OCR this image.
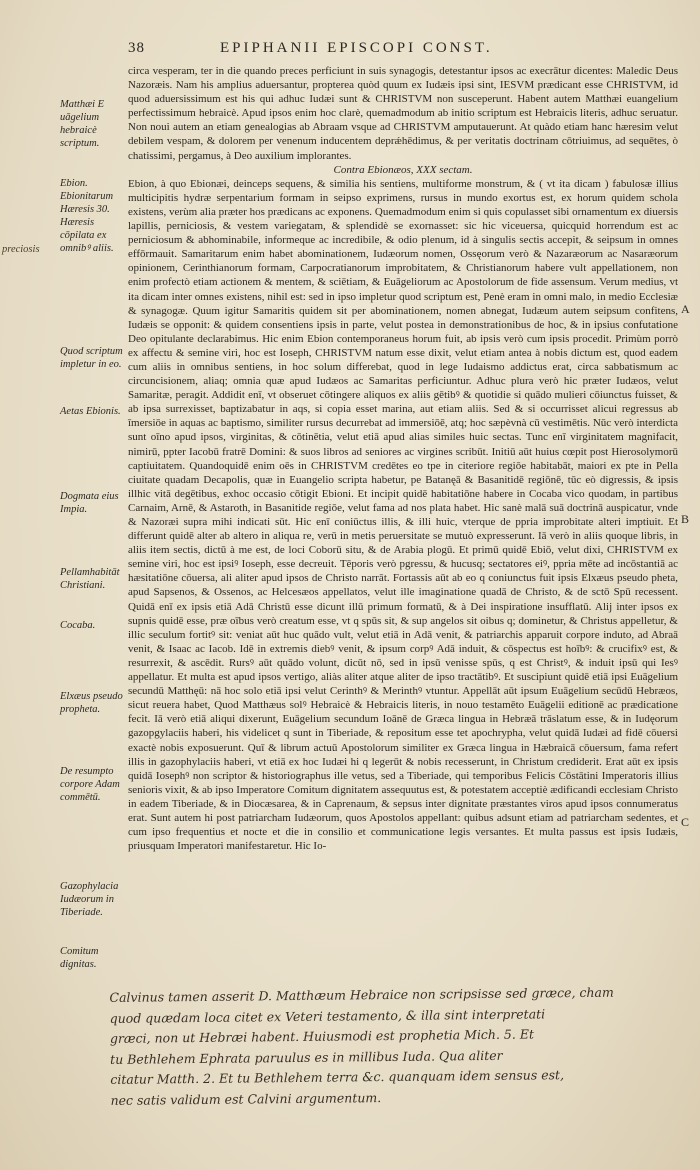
38	EPIPHANII EPISCOPI CONST.
preciosis
Matthæi E uāgelium hebraicè scriptum.
Ebion. Ebionitarum Hæresis 30. Hæresis cōpilata ex omnibꝰ aliis.
Quod scriptum impletur in eo.
Aetas Ebionis.
Dogmata eius Impia.
Pellamhabitāt Christiani.
Cocaba.
Elxæus pseudo propheta.
De resumpto corpore Adam commētū.
Gazophylacia Iudæorum in Tiberiade.
Comitum dignitas.

circa vesperam, ter in die quando preces perficiunt in suis synagogis, detestantur ipsos ac execrātur dicentes: Maledic Deus Nazoræis. Nam his amplius aduersantur, propterea quòd quum ex Iudæis ipsi sint, IESVM prædicant esse CHRISTVM, id quod aduersissimum est his qui adhuc Iudæi sunt & CHRISTVM non susceperunt. Habent autem Matthæi euangelium perfectissimum hebraicè. Apud ipsos enim hoc clarè, quemadmodum ab initio scriptum est Hebraicis literis, adhuc seruatur. Non noui autem an etiam genealogias ab Abraam vsque ad CHRISTVM amputauerunt. At quàdo etiam hanc hæresim velut debilem vespam, & dolorem per venenum inducentem deprǽhēdimus, & per veritatis doctrinam cōtriuimus, ad sequētes, ò chatissimi, pergamus, à Deo auxilium implorantes.

Contra Ebionæos, XXX sectam.

Ebion, à quo Ebionæi, deinceps sequens, & similia his sentiens, multiforme monstrum, & ( vt ita dicam ) fabulosæ illius multicipitis hydræ serpentarium formam in seipso exprimens, rursus in mundo exortus est, ex horum quidem schola existens, verùm alia præter hos prædicans ac exponens. Quemadmodum enim si quis copulasset sibi ornamentum ex diuersis lapillis, perniciosis, & vestem variegatam, & splendidè se exornasset: sic hic viceuersa, quicquid horrendum est ac perniciosum & abhominabile, informeque ac incredibile, & odio plenum, id à singulis sectis accepit, & seipsum in omnes effōrmauit. Samaritarum enim habet abominationem, Iudæorum nomen, Ossęorum verò & Nazaræorum ac Nasaræorum opinionem, Cerinthianorum formam, Carpocratianorum improbitatem, & Christianorum habere vult appellationem, non enim profectò etiam actionem & mentem, & sciētiam, & Euāgeliorum ac Apostolorum de fide assensum. Verum medius, vt ita dicam inter omnes existens, nihil est: sed in ipso impletur quod scriptum est, Penè eram in omni malo, in medio Ecclesiæ & synagogæ. Quum igitur Samaritis quidem sit per abominationem, nomen abnegat, Iudæum autem seipsum confitens, Iudæis se opponit: & quidem consentiens ipsis in parte, velut postea in demonstrationibus de hoc, & in ipsius confutatione Deo opitulante declarabimus. Hic enim Ebion contemporaneus horum fuit, ab ipsis verò cum ipsis procedit. Primùm porrò ex affectu & semine viri, hoc est Ioseph, CHRISTVM natum esse dixit, velut etiam antea à nobis dictum est, quod eadem cum aliis in omnibus sentiens, in hoc solum differebat, quod in lege Iudaismo addictus erat, circa sabbatismum ac circuncisionem, aliaq; omnia quæ apud Iudæos ac Samaritas perficiuntur. Adhuc plura verò hic præter Iudæos, velut Samaritæ, peragit. Addidit enī, vt obseruet cōtingere aliquos ex aliis gētibꝰ & quotidie si quādo mulieri cōiunctus fuisset, & ab ipsa surrexisset, baptizabatur in aqs, si copia esset marina, aut etiam aliis. Sed & si occurrisset alicui regressus ab īmersiōe in aquas ac baptismo, similiter rursus decurrebat ad immersiōē, atq; hoc sæpèvnà cū vestimētis. Nūc verò interdicta sunt oīno apud ipsos, virginitas, & cōtinētia, velut etiā apud alias similes huic sectas. Tunc enī virginitatem magnifacit, nimirū, ppter Iacobū fratrē Domini: & suos libros ad seniores ac virgines scribūt. Initiū aūt huius cœpit post Hierosolymorū captiuitatem. Quandoquidē enim oēs in CHRISTVM credētes eo tpe in citeriore regiōe habitabāt, maiori ex pte in Pella ciuitate quadam Decapolis, quæ in Euangelio scripta habetur, pe Batanęā & Basanitidē regiōnē, tūc eò digressis, & ipsis illhic vitā degētibus, exhoc occasio cōtigit Ebioni. Et incipit quidē habitatiōne habere in Cocaba vico quodam, in partibus Carnaim, Arnē, & Astaroth, in Basanitide regiōe, velut fama ad nos plata habet. Hic sanè malā suā doctrinā auspicatur, vnde & Nazoræi supra mihi indicati sūt. Hic enī coniūctus illis, & illi huic, vterque de ppria improbitate alteri imptiuit. Et differunt quidē alter ab altero in aliqua re, verū in metis peruersitate se mutuò expresserunt. Iā verò in aliis quoque libris, in aliis item sectis, dictū à me est, de loci Coborū situ, & de Arabia plogū. Et primū quidē Ebiō, velut dixi, CHRISTVM ex semine viri, hoc est ipsiꝰ Ioseph, esse decreuit. Tēporis verò pgressu, & hucusq; sectatores eiꝰ, ppria mēte ad incōstantiā ac hæsitatiōne cōuersa, ali aliter apud ipsos de Christo narrāt. Fortassis aūt ab eo q coniunctus fuit ipsis Elxæus pseudo pheta, apud Sapsenos, & Ossenos, ac Helcesæos appellatos, velut ille imaginatione quadā de Christo, & de sctō Spū recessent. Quidā enī ex ipsis etiā Adā Christū esse dicunt illū primum formatū, & à Dei inspiratione insufflatū. Alij inter ipsos ex supnis quidē esse, præ oībus verò creatum esse, vt q spūs sit, & sup angelos sit oibus q; dominetur, & Christus appelletur, & illic seculum fortitꝰ sit: veniat aūt huc quādo vult, velut etiā in Adā venit, & patriarchis apparuit corpore induto, ad Abraā venit, & Isaac ac Iacob. Idē in extremis diebꝰ venit, & ipsum corpꝰ Adā induit, & cōspectus est hoībꝰ: & crucifixꝰ est, & resurrexit, & ascēdit. Rursꝰ aūt quādo volunt, dicūt nō, sed in ipsū venisse spūs, q est Christꝰ, & induit ipsū qui Iesꝰ appellatur. Et multa est apud ipsos vertigo, aliàs aliter atque aliter de ipso tractātibꝰ. Et suscipiunt quidē etiā ipsi Euāgelium secundū Matthęū: nā hoc solo etiā ipsi velut Cerinthꝰ & Merinthꝰ vtuntur. Appellāt aūt ipsum Euāgelium secūdū Hebræos, sicut reuera habet, Quod Matthæus solꝰ Hebraicè & Hebraicis literis, in nouo testamēto Euāgelii editionē ac prædicatione fecit. Iā verò etiā aliqui dixerunt, Euāgelium secundum Ioānē de Græca lingua in Hebræā trāslatum esse, & in Iudęorum gazopgylaciis haberi, his videlicet q sunt in Tiberiade, & repositum esse tet apochrypha, velut quidā Iudæi ad fidē cōuersi exactè nobis exposuerunt. Quī & librum actuū Apostolorum similiter ex Græca lingua in Hæbraicā cōuersum, fama refert illis in gazophylaciis haberi, vt etiā ex hoc Iudæi hi q legerūt & nobis recesserunt, in Christum crediderit. Erat aūt ex ipsis quidā Iosephꝰ non scriptor & historiographus ille vetus, sed a Tiberiade, qui temporibus Felicis Cōstātini Imperatoris illius senioris vixit, & ab ipso Imperatore Comitum dignitatem assequutus est, & potestatem acceptiè ædificandi ecclesiam Christo in eadem Tiberiade, & in Diocæsarea, & in Caprenaum, & sepsus inter dignitate præstantes viros apud ipsos connumeratus erat. Sunt autem hi post patriarcham Iudæorum, quos Apostolos appellant: quibus adsunt etiam ad patriarcham sedentes, et cum ipso frequentius et nocte et die in consilio et communicatione legis versantes. Et multa passus est ipsis Iudæis, priusquam Imperatori manifestaretur. Hic Io-

A
B
C
Calvinus tamen asserit D. Matthæum Hebraice non scripsisse sed græce, cham
quod quædam loca citet ex Veteri testamento, & illa sint interpretati
græci, non ut Hebræi habent. Huiusmodi est prophetia Mich. 5. Et
tu Bethlehem Ephrata paruulus es in millibus Iuda. Qua aliter
citatur Matth. 2. Et tu Bethlehem terra &c. quanquam idem sensus est,
nec satis validum est Calvini argumentum.
